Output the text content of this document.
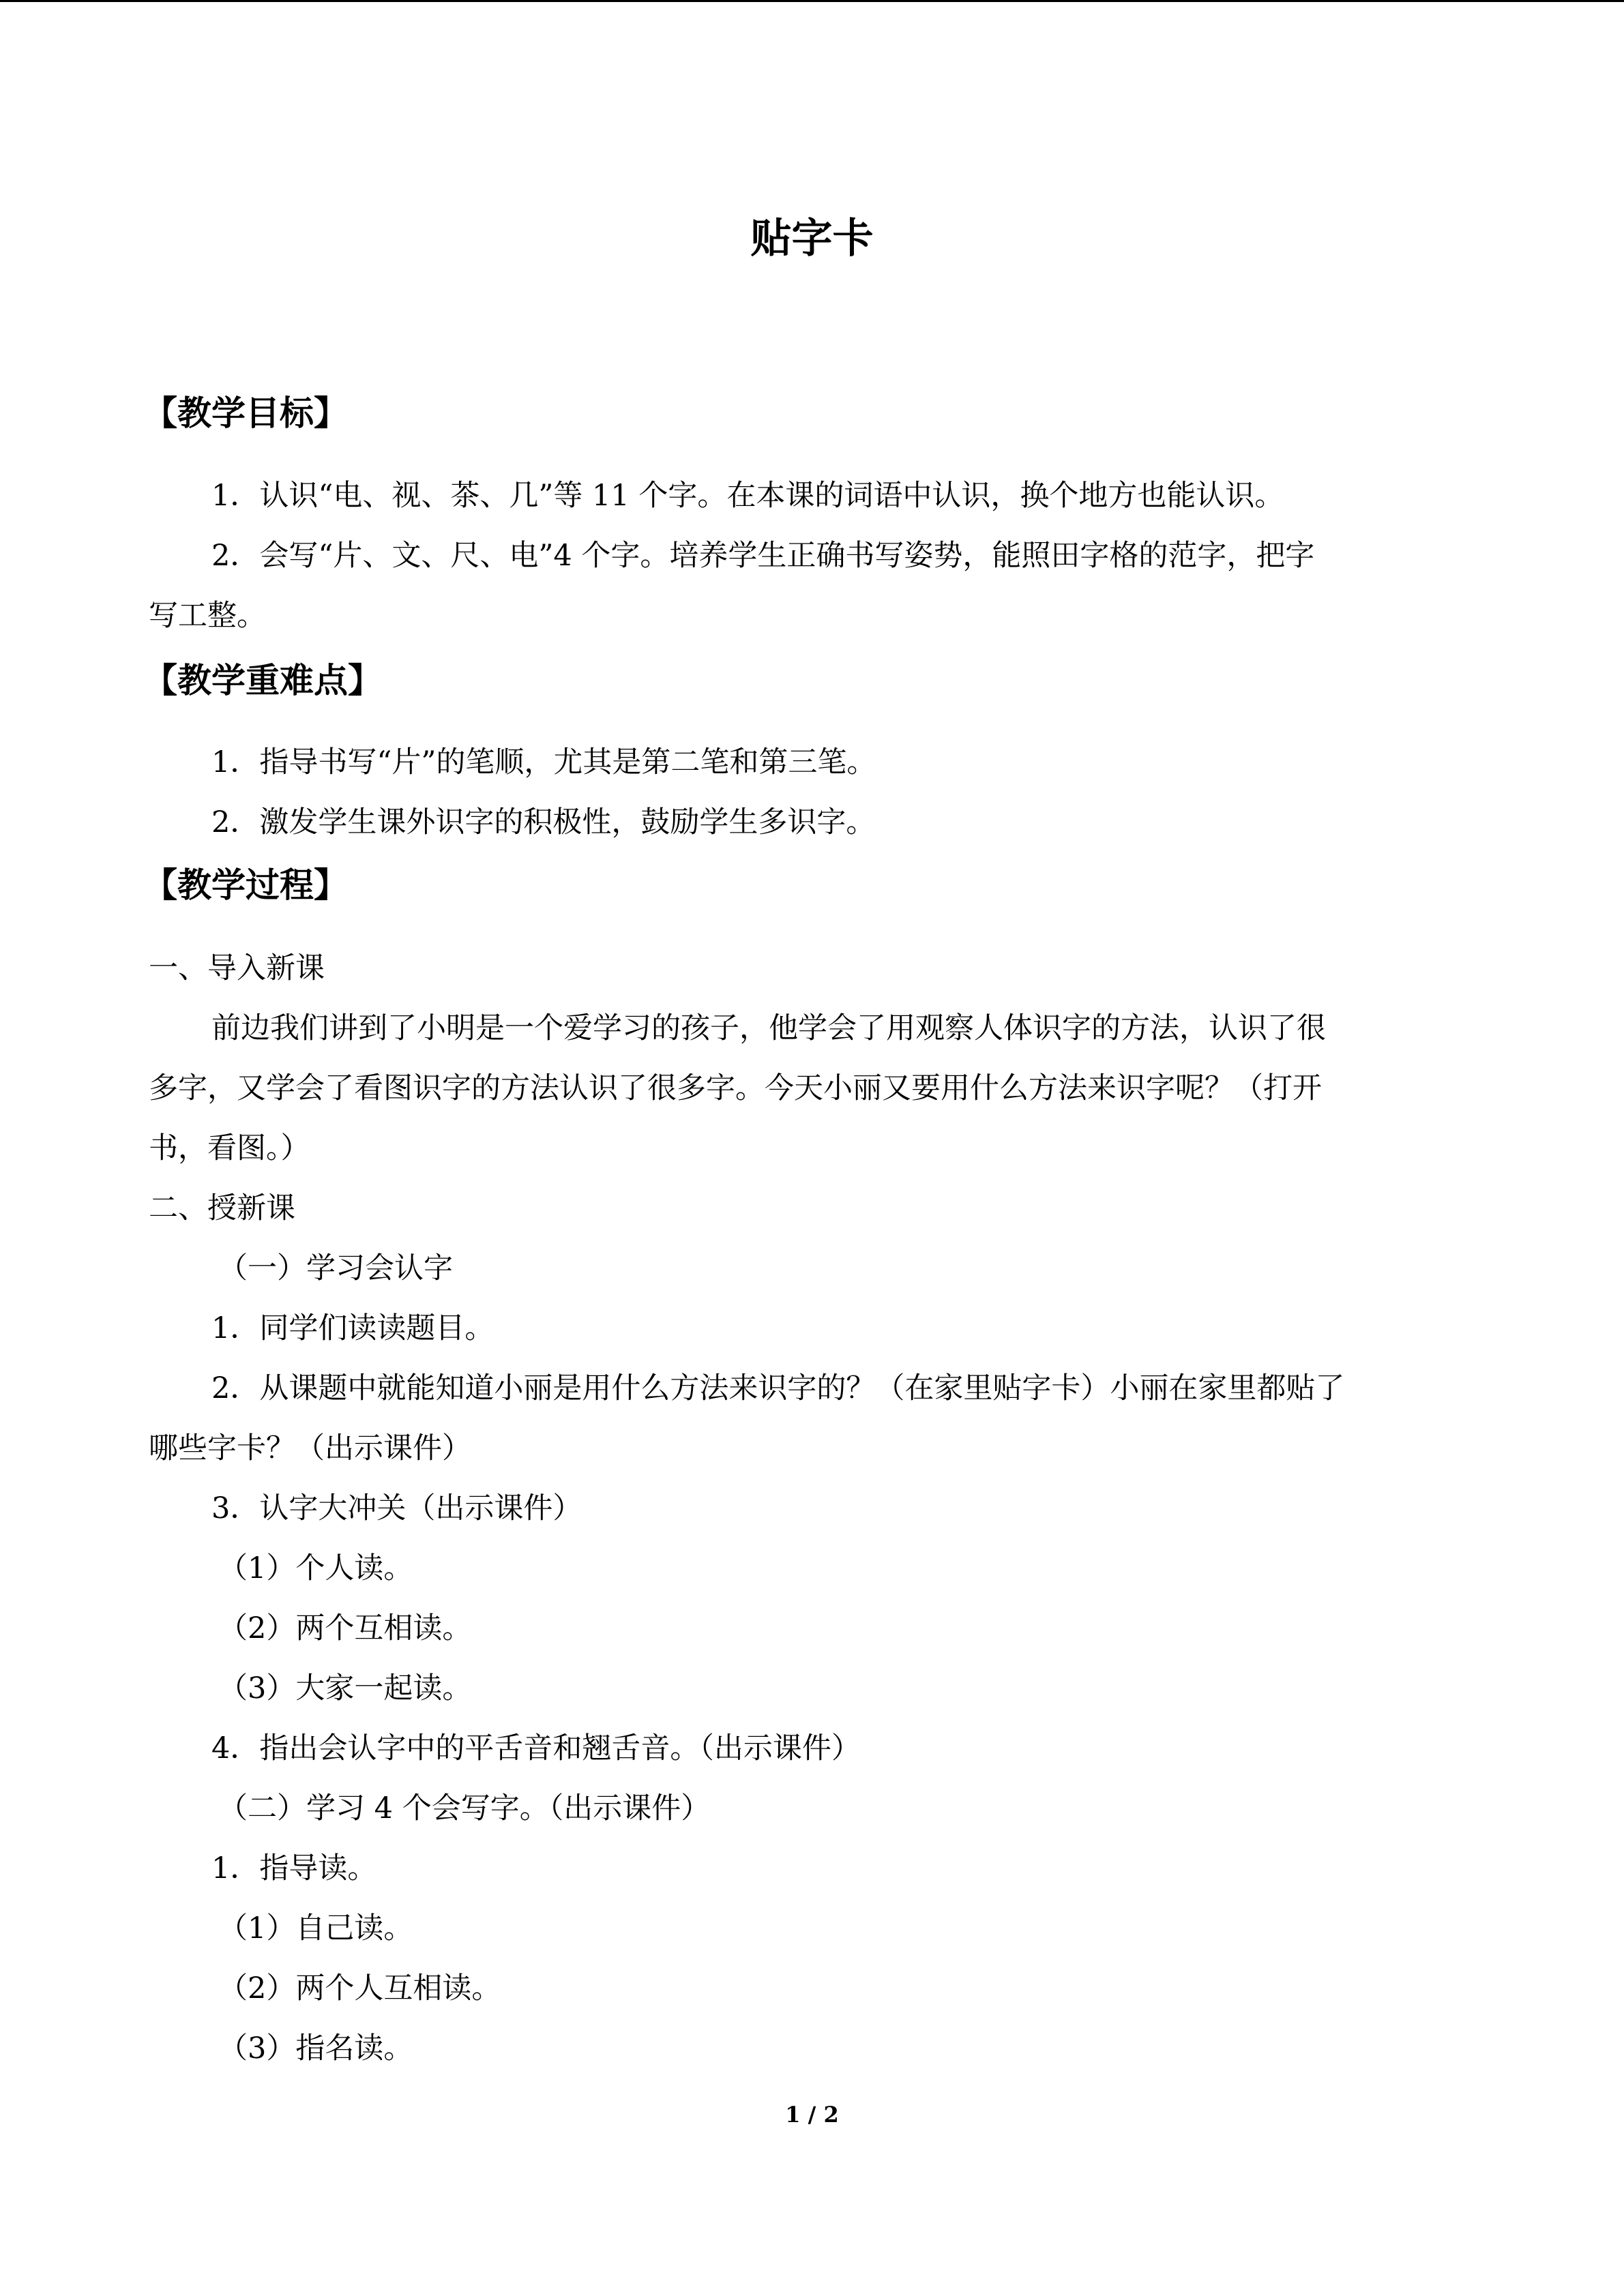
贴字卡
【教学目标】
1．认识“电、视、茶、几”等 11 个字。在本课的词语中认识，换个地方也能认识。
2．会写“片、文、尺、电”4 个字。培养学生正确书写姿势，能照田字格的范字，把字
写工整。
【教学重难点】
1．指导书写“片”的笔顺，尤其是第二笔和第三笔。
2．激发学生课外识字的积极性，鼓励学生多识字。
【教学过程】
一、导入新课
前边我们讲到了小明是一个爱学习的孩子，他学会了用观察人体识字的方法，认识了很
多字，又学会了看图识字的方法认识了很多字。今天小丽又要用什么方法来识字呢？（打开
书，看图。）
二、授新课
（一）学习会认字
1．同学们读读题目。
2．从课题中就能知道小丽是用什么方法来识字的？（在家里贴字卡）小丽在家里都贴了
哪些字卡？（出示课件）
3．认字大冲关（出示课件）
（1）个人读。
（2）两个互相读。
（3）大家一起读。
4．指出会认字中的平舌音和翘舌音。（出示课件）
（二）学习 4 个会写字。（出示课件）
1．指导读。
（1）自己读。
（2）两个人互相读。
（3）指名读。
1 / 2
